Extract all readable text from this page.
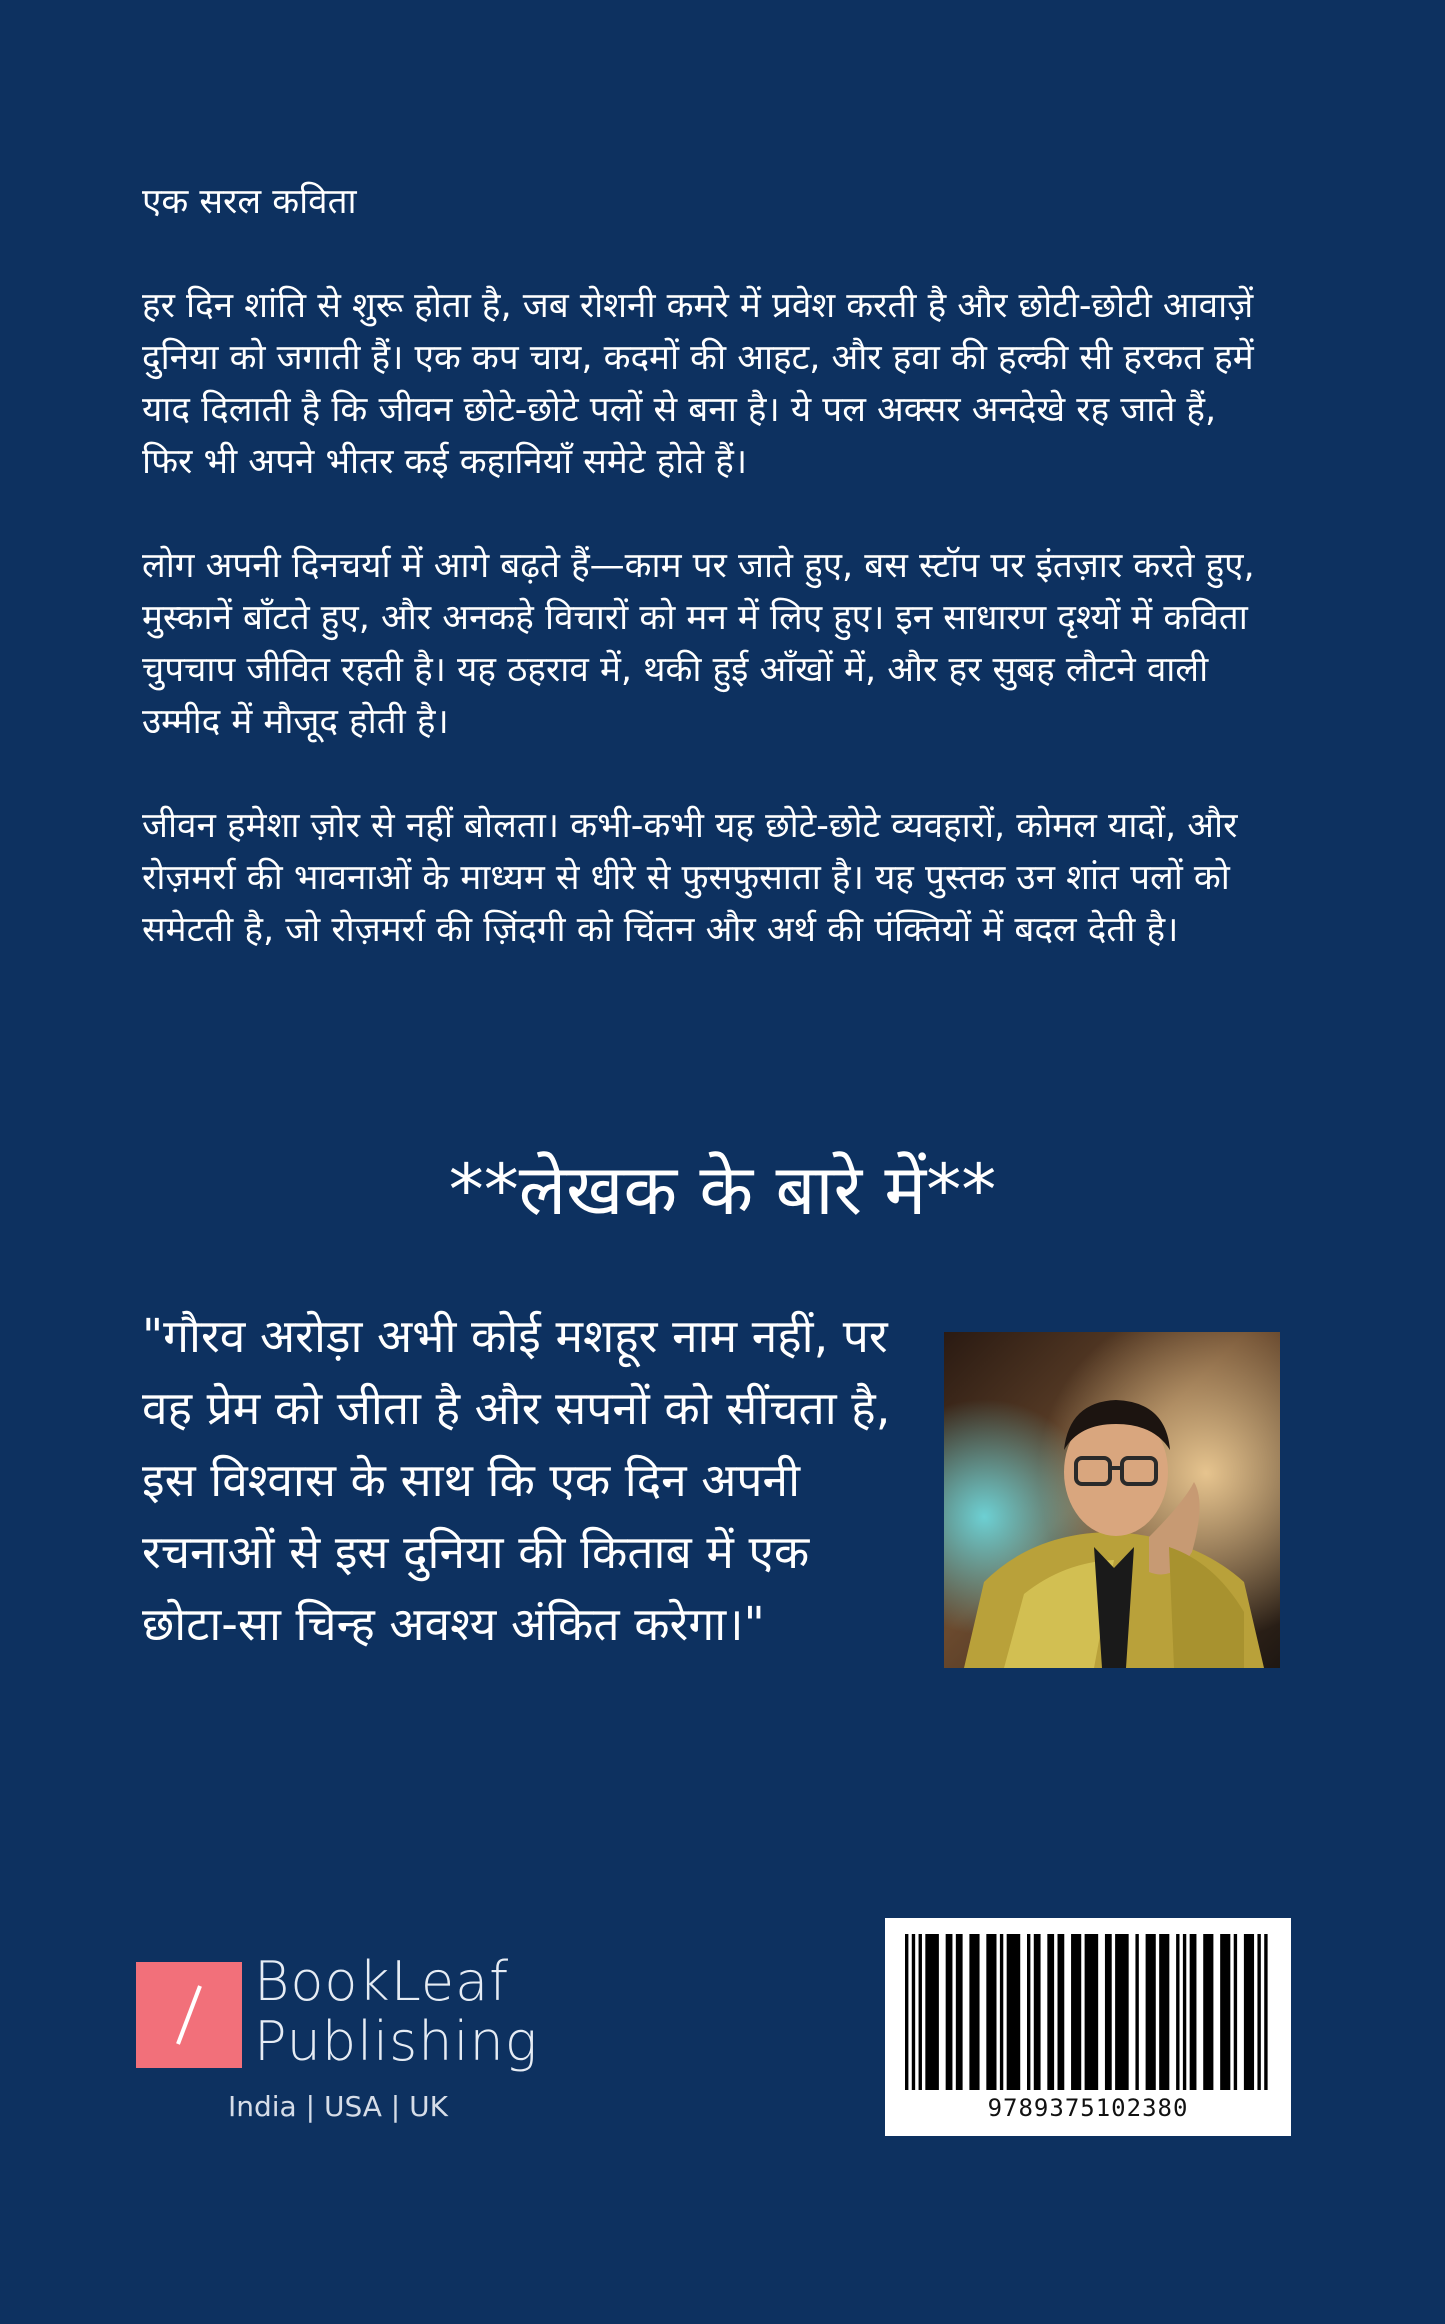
एक सरल कविता

हर दिन शांति से शुरू होता है, जब रोशनी कमरे में प्रवेश करती है और छोटी-छोटी आवाज़ें दुनिया को जगाती हैं। एक कप चाय, कदमों की आहट, और हवा की हल्की सी हरकत हमें याद दिलाती है कि जीवन छोटे-छोटे पलों से बना है। ये पल अक्सर अनदेखे रह जाते हैं, फिर भी अपने भीतर कई कहानियाँ समेटे होते हैं।

लोग अपनी दिनचर्या में आगे बढ़ते हैं—काम पर जाते हुए, बस स्टॉप पर इंतज़ार करते हुए, मुस्कानें बाँटते हुए, और अनकहे विचारों को मन में लिए हुए। इन साधारण दृश्यों में कविता चुपचाप जीवित रहती है। यह ठहराव में, थकी हुई आँखों में, और हर सुबह लौटने वाली उम्मीद में मौजूद होती है।

जीवन हमेशा ज़ोर से नहीं बोलता। कभी-कभी यह छोटे-छोटे व्यवहारों, कोमल यादों, और रोज़मर्रा की भावनाओं के माध्यम से धीरे से फुसफुसाता है। यह पुस्तक उन शांत पलों को समेटती है, जो रोज़मर्रा की ज़िंदगी को चिंतन और अर्थ की पंक्तियों में बदल देती है।

**लेखक के बारे में**

"गौरव अरोड़ा अभी कोई मशहूर नाम नहीं, पर वह प्रेम को जीता है और सपनों को सींचता है, इस विश्वास के साथ कि एक दिन अपनी रचनाओं से इस दुनिया की किताब में एक छोटा-सा चिन्ह अवश्य अंकित करेगा।"

BookLeaf
Publishing
India | USA | UK	9789375102380
